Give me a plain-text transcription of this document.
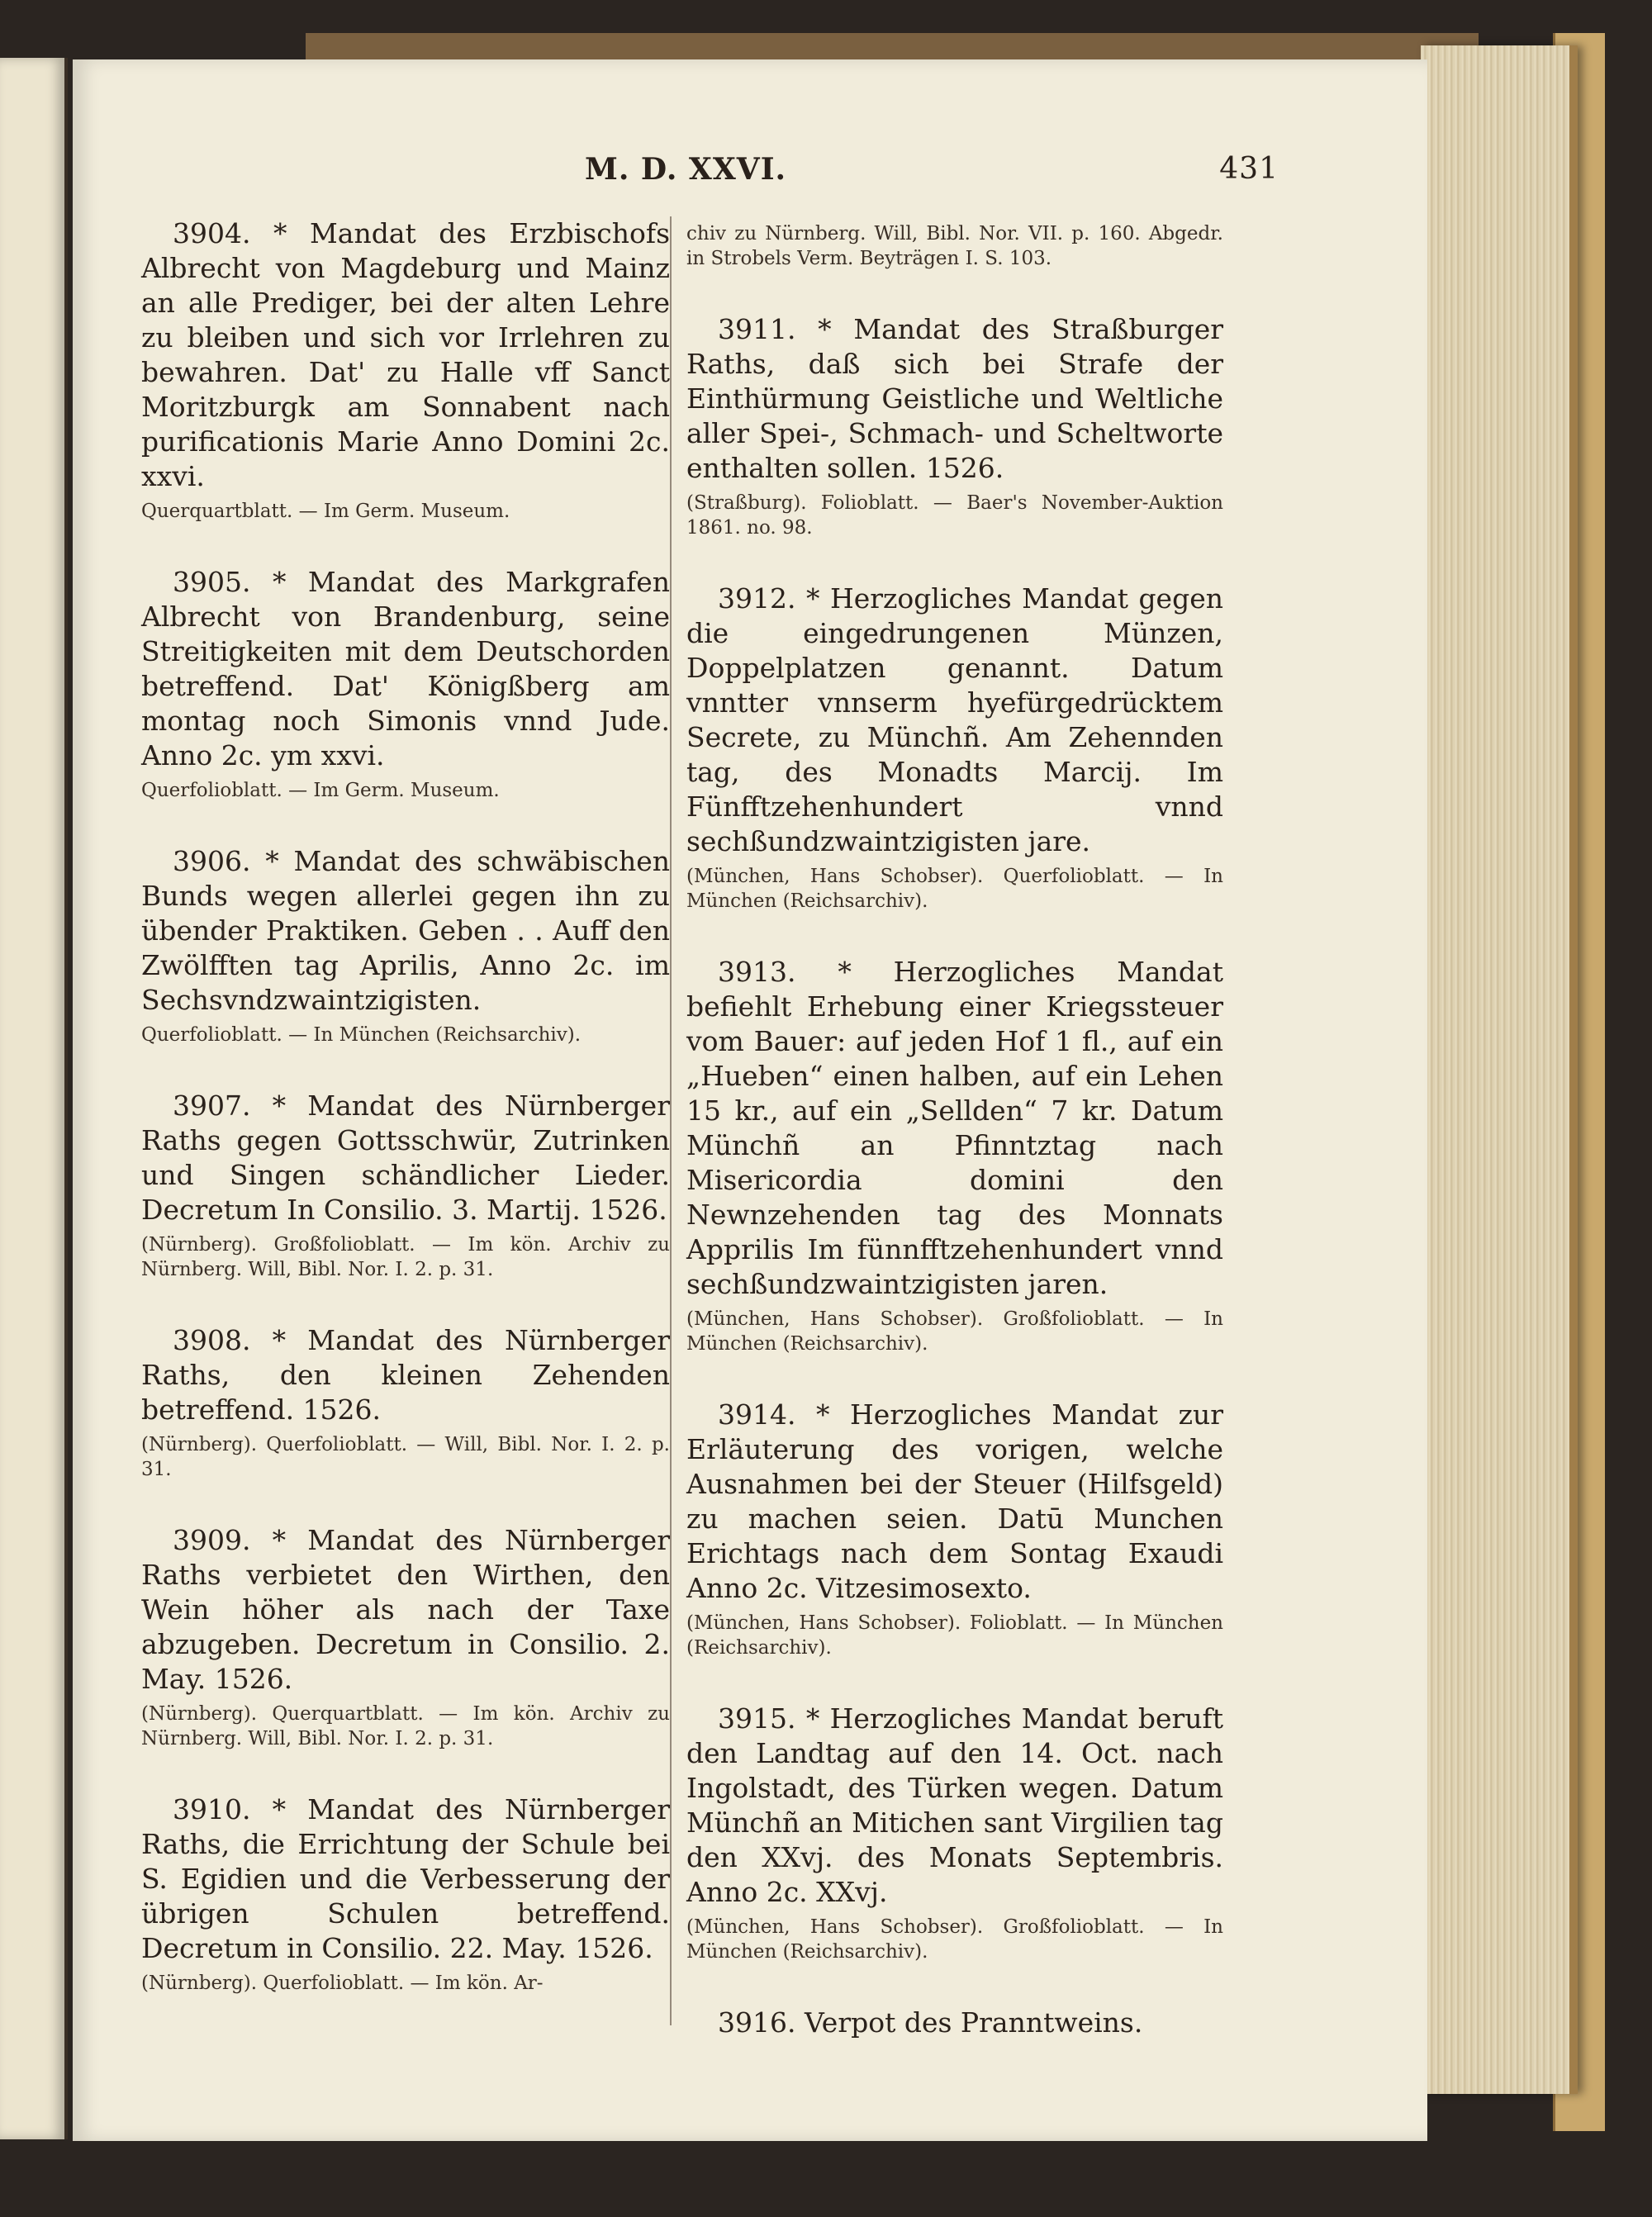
M. D. XXVI.	431
3904. * Mandat des Erzbischofs Albrecht von Magdeburg und Mainz an alle Prediger, bei der alten Lehre zu bleiben und sich vor Irrlehren zu bewahren. Dat' zu Halle vff Sanct Moritzburgk am Sonnabent nach purificationis Marie Anno Domini 2c. xxvi.
Querquartblatt. — Im Germ. Museum.
3905. * Mandat des Markgrafen Albrecht von Brandenburg, seine Streitigkeiten mit dem Deutschorden betreffend. Dat' Königßberg am montag noch Simonis vnnd Jude. Anno 2c. ym xxvi.
Querfolioblatt. — Im Germ. Museum.
3906. * Mandat des schwäbischen Bunds wegen allerlei gegen ihn zu übender Praktiken. Geben . . Auff den Zwölfften tag Aprilis, Anno 2c. im Sechsvndzwaintzigisten.
Querfolioblatt. — In München (Reichsarchiv).
3907. * Mandat des Nürnberger Raths gegen Gottsschwür, Zutrinken und Singen schändlicher Lieder. Decretum In Consilio. 3. Martij. 1526.
(Nürnberg). Großfolioblatt. — Im kön. Archiv zu Nürnberg. Will, Bibl. Nor. I. 2. p. 31.
3908. * Mandat des Nürnberger Raths, den kleinen Zehenden betreffend. 1526.
(Nürnberg). Querfolioblatt. — Will, Bibl. Nor. I. 2. p. 31.
3909. * Mandat des Nürnberger Raths verbietet den Wirthen, den Wein höher als nach der Taxe abzugeben. Decretum in Consilio. 2. May. 1526.
(Nürnberg). Querquartblatt. — Im kön. Archiv zu Nürnberg. Will, Bibl. Nor. I. 2. p. 31.
3910. * Mandat des Nürnberger Raths, die Errichtung der Schule bei S. Egidien und die Verbesserung der übrigen Schulen betreffend. Decretum in Consilio. 22. May. 1526.
(Nürnberg). Querfolioblatt. — Im kön. Ar-
chiv zu Nürnberg. Will, Bibl. Nor. VII. p. 160. Abgedr. in Strobels Verm. Beyträgen I. S. 103.
3911. * Mandat des Straßburger Raths, daß sich bei Strafe der Einthürmung Geistliche und Weltliche aller Spei-, Schmach- und Scheltworte enthalten sollen. 1526.
(Straßburg). Folioblatt. — Baer's November-Auktion 1861. no. 98.
3912. * Herzogliches Mandat gegen die eingedrungenen Münzen, Doppelplatzen genannt. Datum vnntter vnnserm hyefürgedrücktem Secrete, zu Münchñ. Am Zehennden tag, des Monadts Marcij. Im Fünfftzehenhundert vnnd sechßundzwaintzigisten jare.
(München, Hans Schobser). Querfolioblatt. — In München (Reichsarchiv).
3913. * Herzogliches Mandat befiehlt Erhebung einer Kriegssteuer vom Bauer: auf jeden Hof 1 fl., auf ein „Hueben“ einen halben, auf ein Lehen 15 kr., auf ein „Sellden“ 7 kr. Datum Münchñ an Pfinntztag nach Misericordia domini den Newnzehenden tag des Monnats Apprilis Im fünnfftzehenhundert vnnd sechßundzwaintzigisten jaren.
(München, Hans Schobser). Großfolioblatt. — In München (Reichsarchiv).
3914. * Herzogliches Mandat zur Erläuterung des vorigen, welche Ausnahmen bei der Steuer (Hilfsgeld) zu machen seien. Datū Munchen Erichtags nach dem Sontag Exaudi Anno 2c. Vitzesimosexto.
(München, Hans Schobser). Folioblatt. — In München (Reichsarchiv).
3915. * Herzogliches Mandat beruft den Landtag auf den 14. Oct. nach Ingolstadt, des Türken wegen. Datum Münchñ an Mitichen sant Virgilien tag den XXvj. des Monats Septembris. Anno 2c. XXvj.
(München, Hans Schobser). Großfolioblatt. — In München (Reichsarchiv).
3916. Verpot des Pranntweins.
